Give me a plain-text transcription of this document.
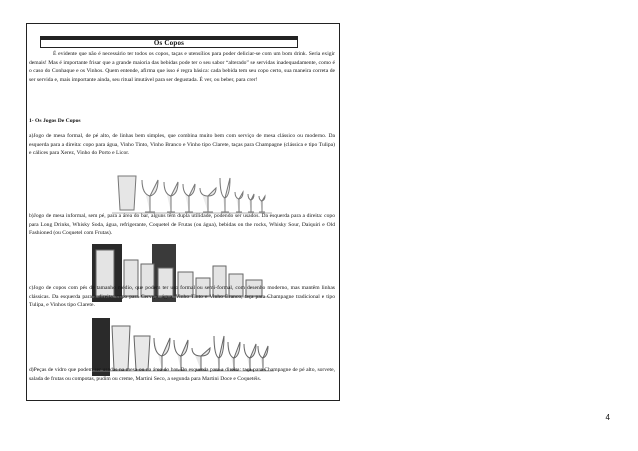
Os Copos
É evidente que não é necessário ter todos os copos, taças e utensílios para poder deliciar-se com um bom drink. Seria exigir demais! Mas é importante frisar que a grande maioria das bebidas pode ter o seu sabor “alterado” se servidas inadequadamente, como é o caso do Conhaque e os Vinhos. Quem entende, afirma que isso é regra básica: cada bebida tem seu copo certo, sua maneira correta de ser servida e, mais importante ainda, seu ritual imutável para ser degustada. É ver, ou beber, para crer!
1- Os Jogos De Copos
a)Jogo de mesa formal, de pé alto, de linhas bem simples, que combina muito bem com serviço de mesa clássico ou moderno. Da esquerda para a direita: copo para água, Vinho Tinto, Vinho Branco e Vinho tipo Clarete, taças para Champagne (clássica e tipo Tulipa) e cálices para Xerez, Vinho do Porto e Licor.
b)Jogo de mesa informal, sem pé, para a área do bar, alguns têm dupla utilidade, podendo ser usados. Da esquerda para a direita: copo para Long Drinks, Whisky Soda, água, refrigerante, Coquetel de Frutas (ou água), bebidas on the rocks, Whisky Sour, Daiquiri e Old Fashioned (ou Coquetel com Frutas).
c)Jogo de copos com pés de tamanho médio, que podem ter uso formal ou semi-formal, com desenho moderno, mas mantêm linhas clássicas. Da esquerda para a direita: copo para Cerveja, água, Vinho Tinto e Vinho Branco, taça para Champagne tradicional e tipo Tulipa, e Vinhos tipo Clarete.
d)Peças de vidro que podem ser usadas na mesa ou na área do bar. Da esquerda para a direita: taça para Champagne de pé alto, sorvete, salada de frutas ou compotas, pudim ou creme, Martini Seco, a segunda para Martini Doce e Coquetéis.
4
